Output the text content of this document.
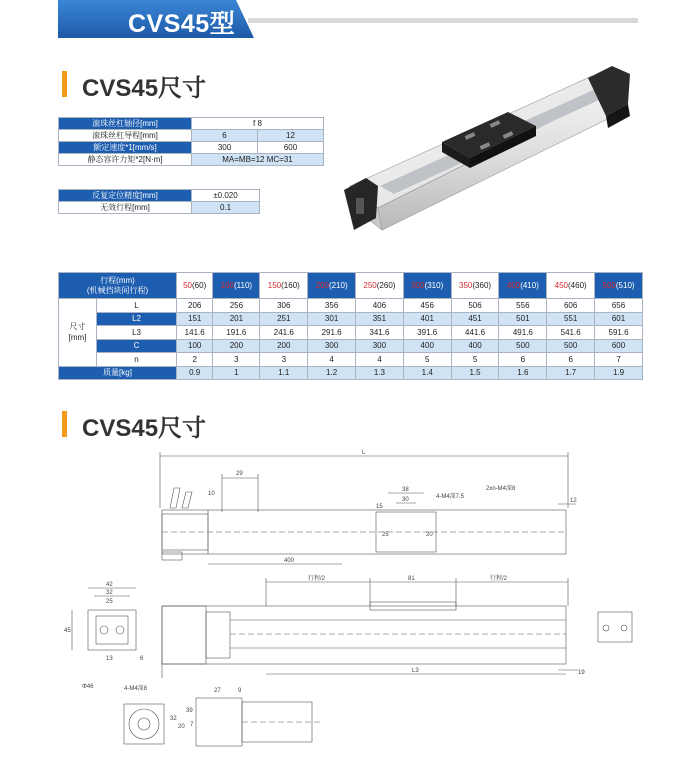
CVS45型
CVS45尺寸
滚珠丝杠轴径[mm]	f 8	
滚珠丝杠导程[mm]	6	12
额定速度*1[mm/s]	300	600
静态容许力矩*2[N·m]	MA=MB=12 MC=31	
反复定位精度[mm]	±0.020
无效行程[mm]	0.1
行程(mm)
(机械挡块间行程)		50(60)	100(110)	150(160)	200(210)	250(260)	300(310)	350(360)	400(410)	450(460)	500(510)
尺寸
[mm]	L	206	256	306	356	406	456	506	556	606	656
	L2	151	201	251	301	351	401	451	501	551	601
	L3	141.6	191.6	241.6	291.6	341.6	391.6	441.6	491.6	541.6	591.6
	C	100	200	200	300	300	400	400	500	500	600
	n	2	3	3	4	4	5	5	6	6	7
质量[kg]		0.9	1	1.1	1.2	1.3	1.4	1.5	1.6	1.7	1.9
CVS45尺寸
L
29
10
400
38
30
15
25	20
4-M4深7.5
2xn-M4深8
12
行程/2	81	行程/2
42
32
25
45
13	6
L3	19
Φ46	4-M4深8	27	9
39
32
20 7
